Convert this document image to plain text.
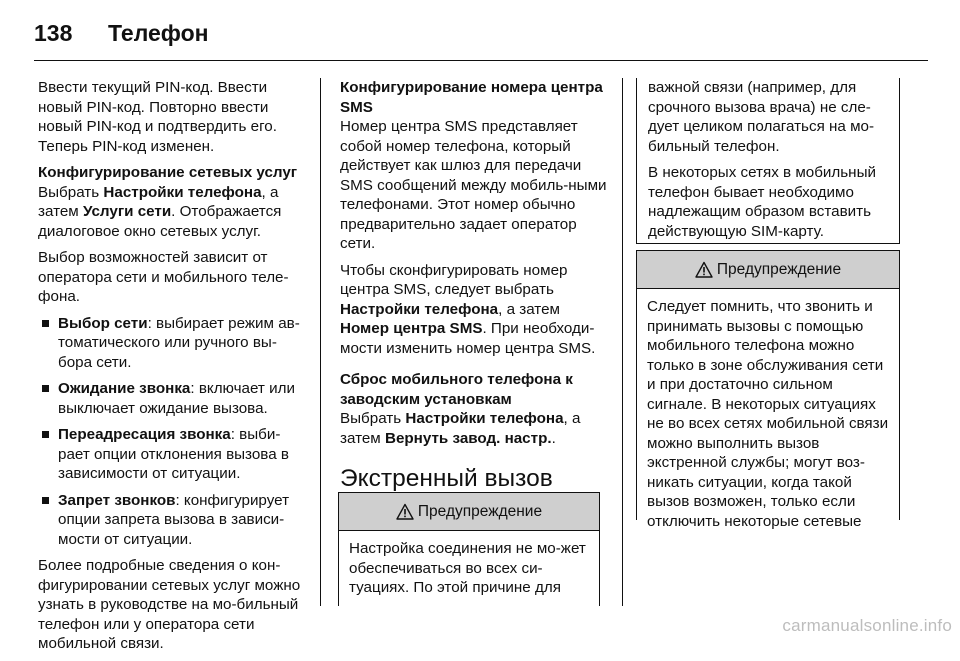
138	Телефон

Ввести текущий PIN-код. Ввести новый PIN-код. Повторно ввести новый PIN-код и подтвердить его. Теперь PIN-код изменен.

Конфигурирование сетевых услуг

Выбрать Настройки телефона, а затем Услуги сети. Отображается диалоговое окно сетевых услуг.

Выбор возможностей зависит от оператора сети и мобильного теле-фона.

Выбор сети: выбирает режим ав-томатического или ручного вы-бора сети.
Ожидание звонка: включает или выключает ожидание вызова.
Переадресация звонка: выби-рает опции отклонения вызова в зависимости от ситуации.
Запрет звонков: конфигурирует опции запрета вызова в зависи-мости от ситуации.

Более подробные сведения о кон-фигурировании сетевых услуг можно узнать в руководстве на мо-бильный телефон или у оператора сети мобильной связи.

Конфигурирование номера центра SMS

Номер центра SMS представляет собой номер телефона, который действует как шлюз для передачи SMS сообщений между мобиль-ными телефонами. Этот номер обычно предварительно задает оператор сети.

Чтобы сконфигурировать номер центра SMS, следует выбрать Настройки телефона, а затем Номер центра SMS. При необходи-мости изменить номер центра SMS.

Сброс мобильного телефона к заводским установкам

Выбрать Настройки телефона, а затем Вернуть завод. настр..

Экстренный вызов
Предупреждение
Настройка соединения не мо-жет обеспечиваться во всех си-туациях. По этой причине для

важной связи (например, для срочного вызова врача) не сле-дует целиком полагаться на мо-бильный телефон.

В некоторых сетях в мобильный телефон бывает необходимо надлежащим образом вставить действующую SIM-карту.

Предупреждение
Следует помнить, что звонить и принимать вызовы с помощью мобильного телефона можно только в зоне обслуживания сети и при достаточно сильном сигнале. В некоторых ситуациях не во всех сетях мобильной связи можно выполнить вызов экстренной службы; могут воз-никать ситуации, когда такой вызов возможен, только если отключить некоторые сетевые
carmanualsonline.info
